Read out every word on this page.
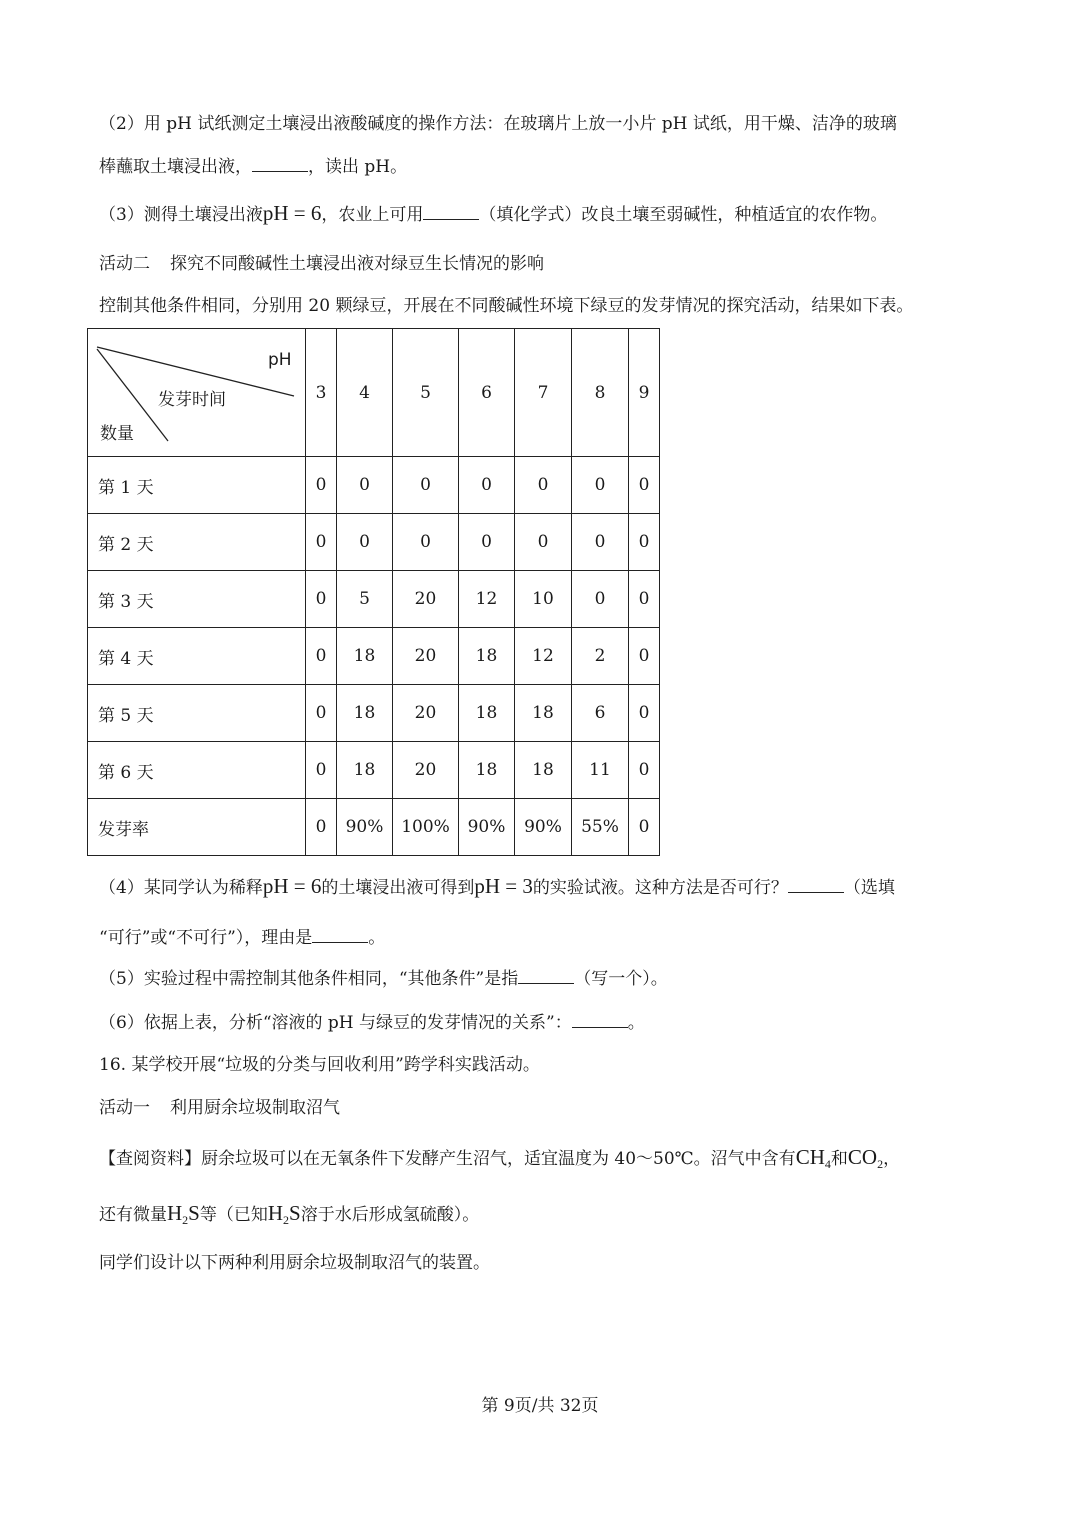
（2）用 pH 试纸测定土壤浸出液酸碱度的操作方法：在玻璃片上放一小片 pH 试纸，用干燥、洁净的玻璃
棒蘸取土壤浸出液，	，读出 pH。
（3）测得土壤浸出液pH = 6，农业上可用	（填化学式）改良土壤至弱碱性，种植适宜的农作物。
活动二 探究不同酸碱性土壤浸出液对绿豆生长情况的影响
控制其他条件相同，分别用 20 颗绿豆，开展在不同酸碱性环境下绿豆的发芽情况的探究活动，结果如下表。
pH
发芽时间
数量	3	4	5	6	7	8	9
第 1 天	0	0	0	0	0	0	0
第 2 天	0	0	0	0	0	0	0
第 3 天	0	5	20	12	10	0	0
第 4 天	0	18	20	18	12	2	0
第 5 天	0	18	20	18	18	6	0
第 6 天	0	18	20	18	18	11	0
发芽率	0	90%	100%	90%	90%	55%	0
（4）某同学认为稀释pH = 6的土壤浸出液可得到pH = 3的实验试液。这种方法是否可行？	（选填
“可行”或“不可行”），理由是	。
（5）实验过程中需控制其他条件相同，“其他条件”是指	（写一个）。
（6）依据上表，分析“溶液的 pH 与绿豆的发芽情况的关系”：	。
16. 某学校开展“垃圾的分类与回收利用”跨学科实践活动。
活动一 利用厨余垃圾制取沼气
【查阅资料】厨余垃圾可以在无氧条件下发酵产生沼气，适宜温度为 40～50℃。沼气中含有$CH_4$和$CO_2$，
还有微量$H_2S$等（已知$H_2S$溶于水后形成氢硫酸）。
同学们设计以下两种利用厨余垃圾制取沼气的装置。
第 9页/共 32页
